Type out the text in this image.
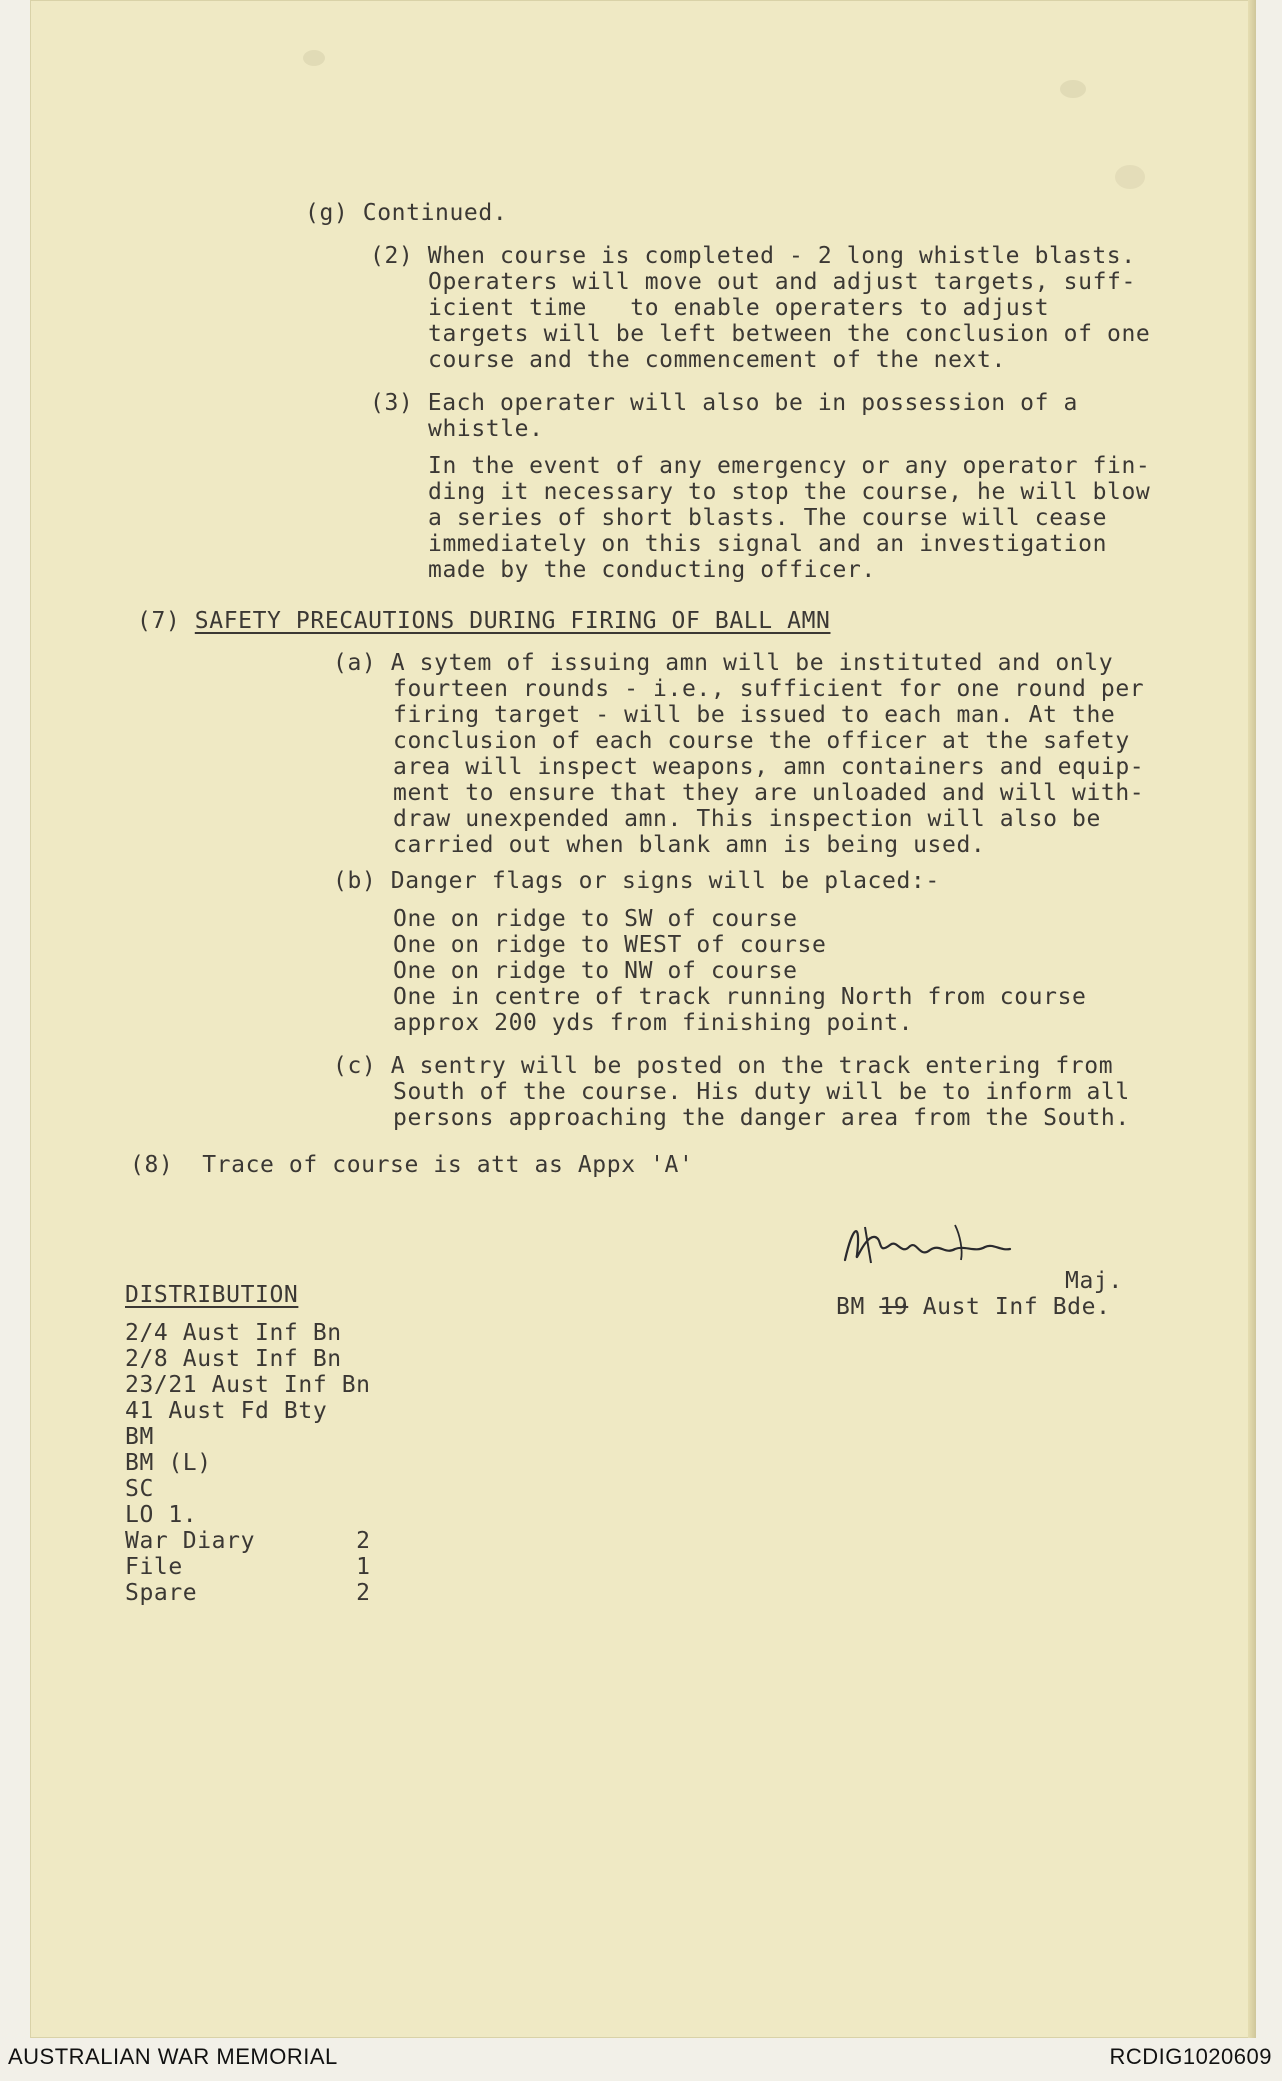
(g) Continued.
(2) When course is completed - 2 long whistle blasts.
Operaters will move out and adjust targets, suff-
icient time   to enable operaters to adjust
targets will be left between the conclusion of one
course and the commencement of the next.
(3) Each operater will also be in possession of a
whistle.
In the event of any emergency or any operator fin-
ding it necessary to stop the course, he will blow
a series of short blasts. The course will cease
immediately on this signal and an investigation
made by the conducting officer.
(a) A sytem of issuing amn will be instituted and only
fourteen rounds - i.e., sufficient for one round per
firing target - will be issued to each man. At the
conclusion of each course the officer at the safety
area will inspect weapons, amn containers and equip-
ment to ensure that they are unloaded and will with-
draw unexpended amn. This inspection will also be
carried out when blank amn is being used.
(b) Danger flags or signs will be placed:-
One on ridge to SW of course
One on ridge to WEST of course
One on ridge to NW of course
One in centre of track running North from course
approx 200 yds from finishing point.
(c) A sentry will be posted on the track entering from
South of the course. His duty will be to inform all
persons approaching the danger area from the South.
(8)  Trace of course is att as Appx 'A'
2/4 Aust Inf Bn
2/8 Aust Inf Bn
23/21 Aust Inf Bn
41 Aust Fd Bty
BM
BM (L)
SC
LO 1.
War Diary       2
File            1
Spare           2
(7) SAFETY PRECAUTIONS DURING FIRING OF BALL AMN
DISTRIBUTION
Maj.
BM 19 Aust Inf Bde.
AUSTRALIAN WAR MEMORIAL	RCDIG1020609
